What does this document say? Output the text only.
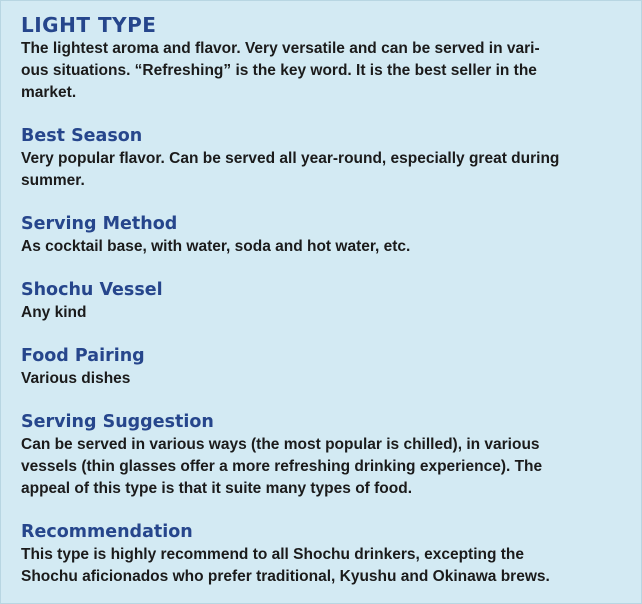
LIGHT TYPE

The lightest aroma and flavor. Very versatile and can be served in vari-

ous situations. “Refreshing” is the key word. It is the best seller in the

market.

Best Season

Very popular flavor. Can be served all year-round, especially great during

summer.

Serving Method

As cocktail base, with water, soda and hot water, etc.

Shochu Vessel

Any kind

Food Pairing

Various dishes

Serving Suggestion

Can be served in various ways (the most popular is chilled), in various

vessels (thin glasses offer a more refreshing drinking experience). The

appeal of this type is that it suite many types of food.

Recommendation

This type is highly recommend to all Shochu drinkers, excepting the

Shochu aficionados who prefer traditional, Kyushu and Okinawa brews.
